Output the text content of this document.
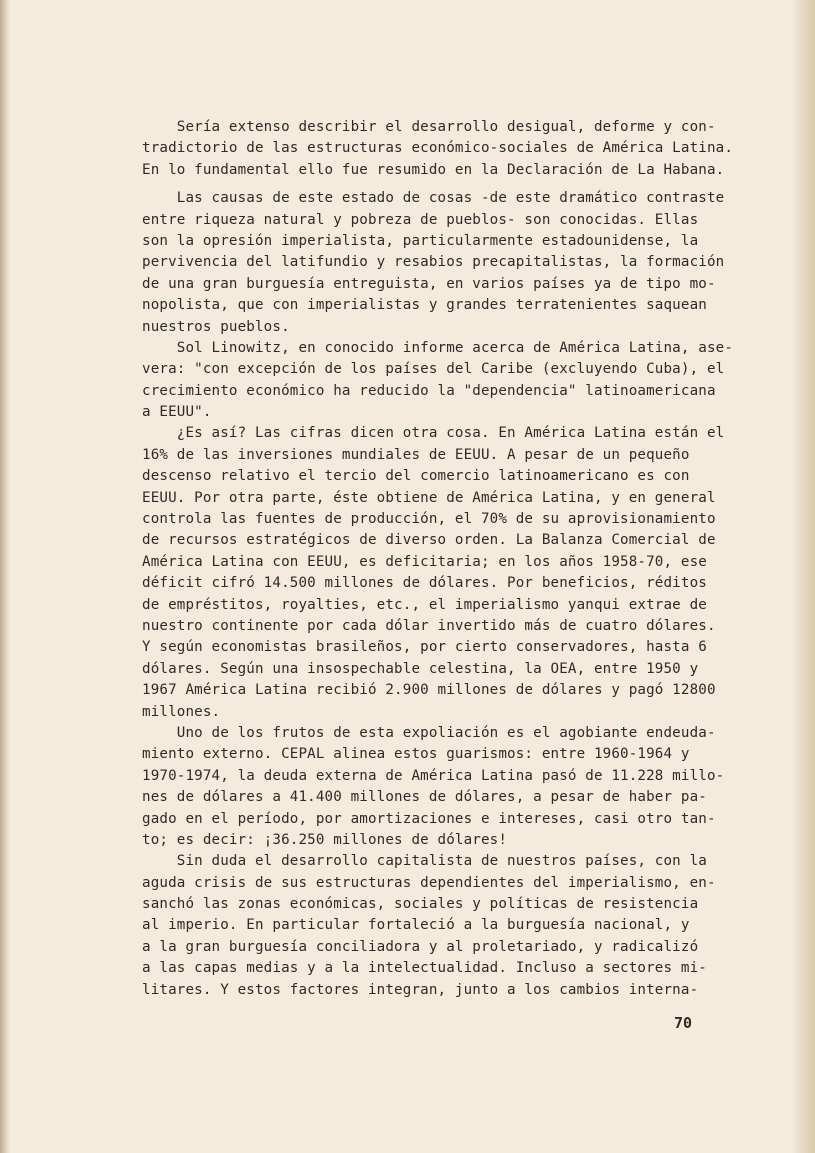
Sería extenso describir el desarrollo desigual, deforme y con-
tradictorio de las estructuras económico-sociales de América Latina.
En lo fundamental ello fue resumido en la Declaración de La Habana.
Las causas de este estado de cosas -de este dramático contraste
entre riqueza natural y pobreza de pueblos- son conocidas. Ellas
son la opresión imperialista, particularmente estadounidense, la
pervivencia del latifundio y resabios precapitalistas, la formación
de una gran burguesía entreguista, en varios países ya de tipo mo-
nopolista, que con imperialistas y grandes terratenientes saquean
nuestros pueblos.
Sol Linowitz, en conocido informe acerca de América Latina, ase-
vera: "con excepción de los países del Caribe (excluyendo Cuba), el
crecimiento económico ha reducido la "dependencia" latinoamericana
a EEUU".
¿Es así? Las cifras dicen otra cosa. En América Latina están el
16% de las inversiones mundiales de EEUU. A pesar de un pequeño
descenso relativo el tercio del comercio latinoamericano es con
EEUU. Por otra parte, éste obtiene de América Latina, y en general
controla las fuentes de producción, el 70% de su aprovisionamiento
de recursos estratégicos de diverso orden. La Balanza Comercial de
América Latina con EEUU, es deficitaria; en los años 1958-70, ese
déficit cifró 14.500 millones de dólares. Por beneficios, réditos
de empréstitos, royalties, etc., el imperialismo yanqui extrae de
nuestro continente por cada dólar invertido más de cuatro dólares.
Y según economistas brasileños, por cierto conservadores, hasta 6
dólares. Según una insospechable celestina, la OEA, entre 1950 y
1967 América Latina recibió 2.900 millones de dólares y pagó 12800
millones.
Uno de los frutos de esta expoliación es el agobiante endeuda-
miento externo. CEPAL alinea estos guarismos: entre 1960-1964 y
1970-1974, la deuda externa de América Latina pasó de 11.228 millo-
nes de dólares a 41.400 millones de dólares, a pesar de haber pa-
gado en el período, por amortizaciones e intereses, casi otro tan-
to; es decir: ¡36.250 millones de dólares!
Sin duda el desarrollo capitalista de nuestros países, con la
aguda crisis de sus estructuras dependientes del imperialismo, en-
sanchó las zonas económicas, sociales y políticas de resistencia
al imperio. En particular fortaleció a la burguesía nacional, y
a la gran burguesía conciliadora y al proletariado, y radicalizó
a las capas medias y a la intelectualidad. Incluso a sectores mi-
litares. Y estos factores integran, junto a los cambios interna-
70
